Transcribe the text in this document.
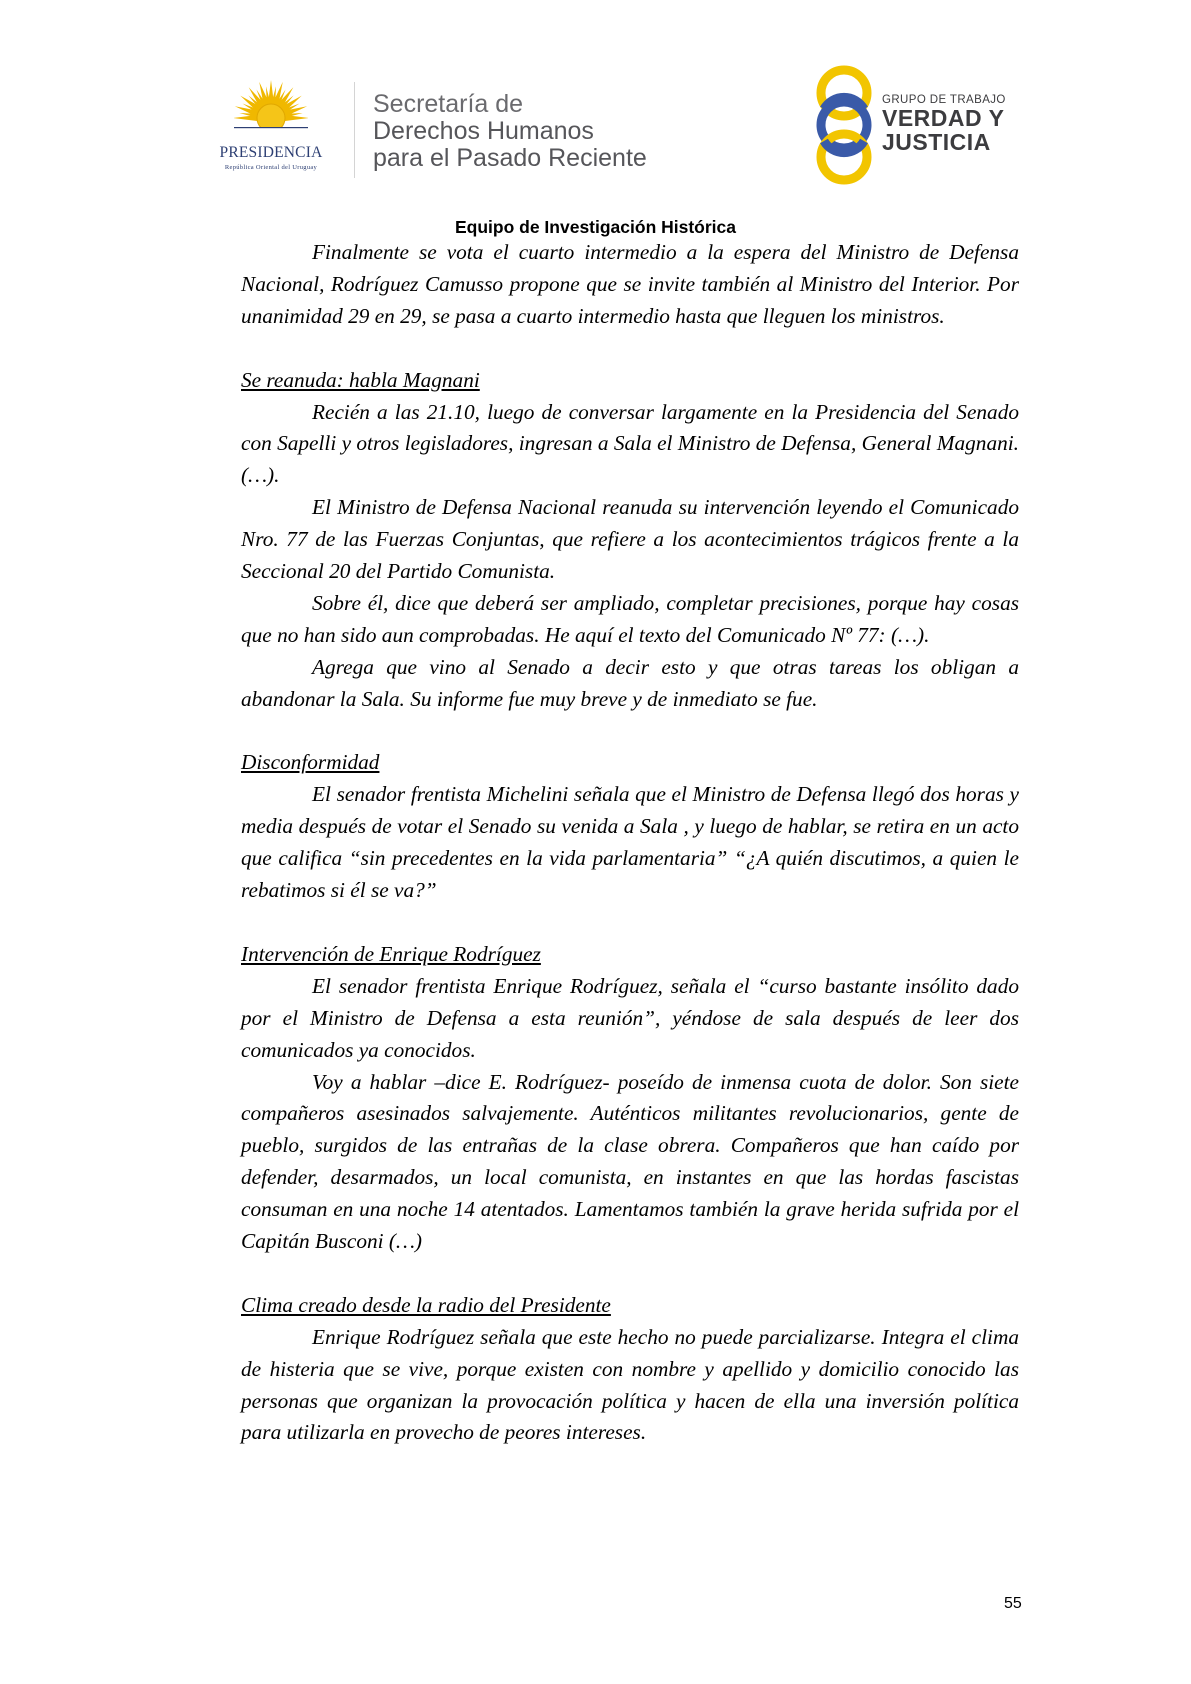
PRESIDENCIA
República Oriental del Uruguay
Secretaría de
Derechos Humanos
para el Pasado Reciente
GRUPO DE TRABAJO
VERDAD Y
JUSTICIA
Equipo de Investigación Histórica

Finalmente se vota el cuarto intermedio a la espera del Ministro de Defensa Nacional, Rodríguez Camusso propone que se invite también al Ministro del Interior. Por unanimidad 29 en 29, se pasa a cuarto intermedio hasta que lleguen los ministros.

Se reanuda: habla Magnani

Recién a las 21.10, luego de conversar largamente en la Presidencia del Senado con Sapelli y otros legisladores, ingresan a Sala el Ministro de Defensa, General Magnani. (…).

El Ministro de Defensa Nacional reanuda su intervención leyendo el Comunicado Nro. 77 de las Fuerzas Conjuntas, que refiere a los acontecimientos trágicos frente a la Seccional 20 del Partido Comunista.

Sobre él, dice que deberá ser ampliado, completar precisiones, porque hay cosas que no han sido aun comprobadas. He aquí el texto del Comunicado Nº 77: (…).

Agrega que vino al Senado a decir esto y que otras tareas los obligan a abandonar la Sala. Su informe fue muy breve y de inmediato se fue.

Disconformidad

El senador frentista Michelini señala que el Ministro de Defensa llegó dos horas y media después de votar el Senado su venida a Sala , y luego de hablar, se retira en un acto que califica “sin precedentes en la vida parlamentaria” “¿A quién discutimos, a quien le rebatimos si él se va?”

Intervención de Enrique Rodríguez

El senador frentista Enrique Rodríguez, señala el “curso bastante insólito dado por el Ministro de Defensa a esta reunión”, yéndose de sala después de leer dos comunicados ya conocidos.

Voy a hablar –dice E. Rodríguez- poseído de inmensa cuota de dolor. Son siete compañeros asesinados salvajemente. Auténticos militantes revolucionarios, gente de pueblo, surgidos de las entrañas de la clase obrera. Compañeros que han caído por defender, desarmados, un local comunista, en instantes en que las hordas fascistas consuman en una noche 14 atentados. Lamentamos también la grave herida sufrida por el Capitán Busconi (…)

Clima creado desde la radio del Presidente

Enrique Rodríguez señala que este hecho no puede parcializarse. Integra el clima de histeria que se vive, porque existen con nombre y apellido y domicilio conocido las personas que organizan la provocación política y hacen de ella una inversión política para utilizarla en provecho de peores intereses.

55
